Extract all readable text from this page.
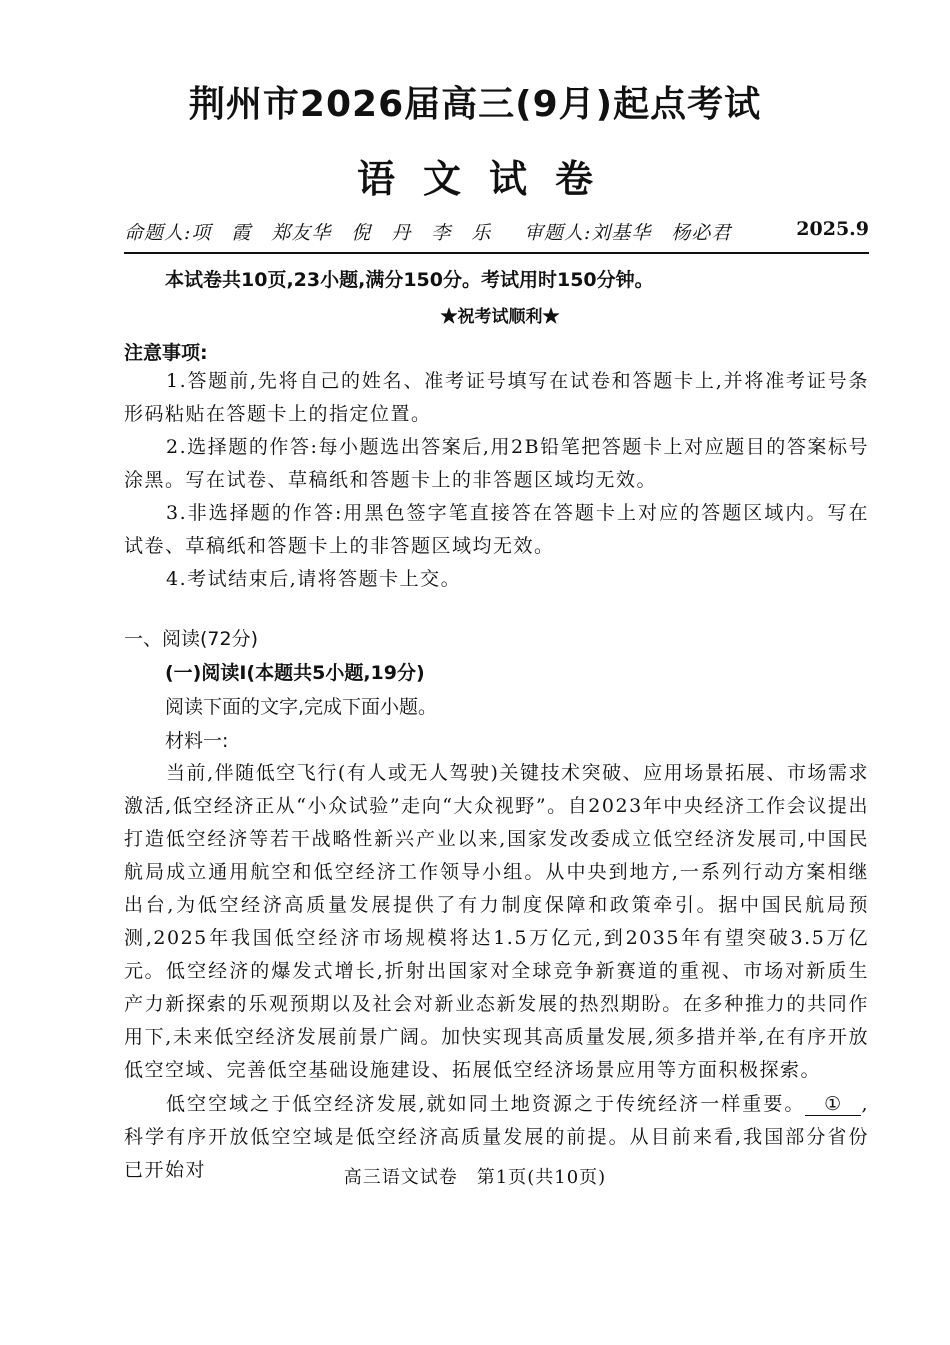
荆州市2026届高三(9月)起点考试
语文试卷
命题人:项　霞　郑友华　倪　丹　李　乐 审题人:刘基华　杨必君	2025.9
本试卷共10页,23小题,满分150分。考试用时150分钟。
★祝考试顺利★
注意事项:
1.答题前,先将自己的姓名、准考证号填写在试卷和答题卡上,并将准考证号条形码粘贴在答题卡上的指定位置。
2.选择题的作答:每小题选出答案后,用2B铅笔把答题卡上对应题目的答案标号涂黑。写在试卷、草稿纸和答题卡上的非答题区域均无效。
3.非选择题的作答:用黑色签字笔直接答在答题卡上对应的答题区域内。写在试卷、草稿纸和答题卡上的非答题区域均无效。
4.考试结束后,请将答题卡上交。
一、阅读(72分)
(一)阅读Ⅰ(本题共5小题,19分)
阅读下面的文字,完成下面小题。
材料一:
当前,伴随低空飞行(有人或无人驾驶)关键技术突破、应用场景拓展、市场需求激活,低空经济正从“小众试验”走向“大众视野”。自2023年中央经济工作会议提出打造低空经济等若干战略性新兴产业以来,国家发改委成立低空经济发展司,中国民航局成立通用航空和低空经济工作领导小组。从中央到地方,一系列行动方案相继出台,为低空经济高质量发展提供了有力制度保障和政策牵引。据中国民航局预测,2025年我国低空经济市场规模将达1.5万亿元,到2035年有望突破3.5万亿元。 低空经济的爆发式增长,折射出国家对全球竞争新赛道的重视、市场对新质生产力新探索的乐观预期以及社会对新业态新发展的热烈期盼。在多种推力的共同作用下,未来低空经济发展前景广阔。加快实现其高质量发展,须多措并举,在有序开放低空空域、完善低空基础设施建设、拓展低空经济场景应用等方面积极探索。
低空空域之于低空经济发展,就如同土地资源之于传统经济一样重要。 ① ,科学有序开放低空空域是低空经济高质量发展的前提。从目前来看,我国部分省份已开始对	高三语文试卷　第1页(共10页)
